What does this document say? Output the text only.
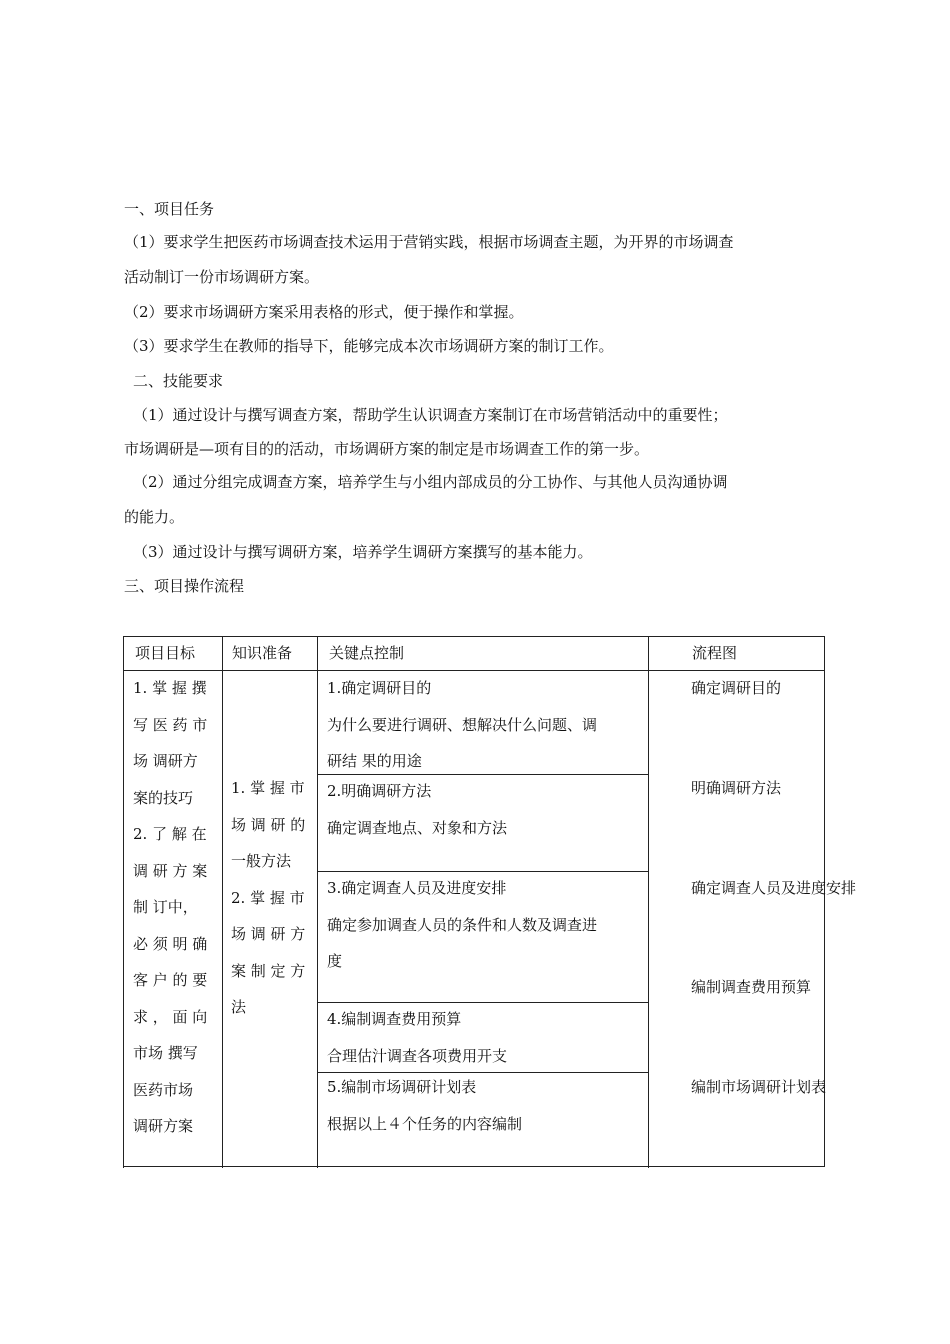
一、项目任务
（1）要求学生把医药市场调查技术运用于营销实践，根据市场调查主题，为开界的市场调查
活动制订一份市场调研方案。
（2）要求市场调研方案采用表格的形式，便于操作和掌握。
（3）要求学生在教师的指导下，能够完成本次市场调研方案的制订工作。
二、技能要求
（1）通过设计与撰写调查方案，帮助学生认识调查方案制订在市场营销活动中的重要性；
市场调研是—项有目的的活动，市场调研方案的制定是市场调查工作的第一步。
（2）通过分组完成调查方案，培养学生与小组内部成员的分工协作、与其他人员沟通协调
的能力。
（3）通过设计与撰写调研方案，培养学生调研方案撰写的基本能力。
三、项目操作流程
项目目标 知识准备 关键点控制	流程图
1. 掌 握 撰
写 医 药 市
场 调研方
案的技巧
2. 了 解 在
调 研 方 案
制 订中，
必 须 明 确
客 户 的 要
求 ， 面 向
市场 撰写
医药市场
调研方案
1. 掌 握 市
场 调 研 的
一般方法
2. 掌 握 市
场 调 研 方
案 制 定 方
法
1.确定调研目的
为什么要进行调研、想解决什么问题、调
研结 果的用途
2.明确调研方法
确定调查地点、对象和方法
3.确定调查人员及进度安排
确定参加调查人员的条件和人数及调查进
度
4.编制调查费用预算
合理估汁调查各项费用开支
5.编制市场调研计划表
根据以上４个任务的内容编制
确定调研目的
明确调研方法
确定调查人员及进度安排
编制调查费用预算
编制市场调研计划表
